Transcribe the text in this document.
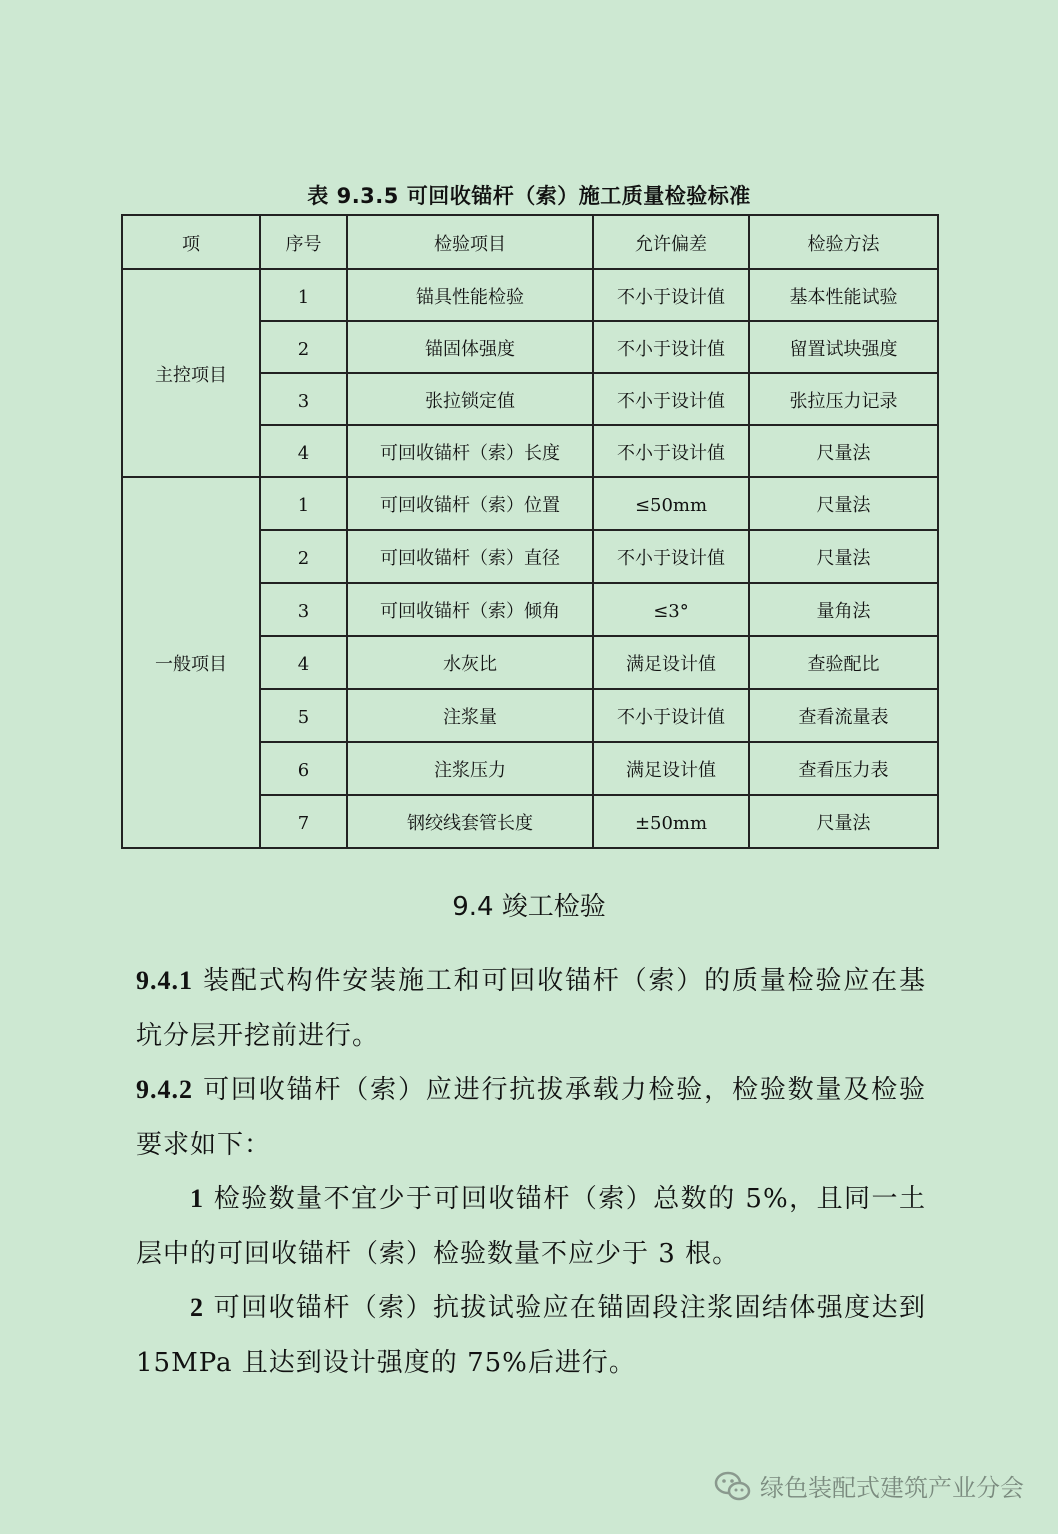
表 9.3.5 可回收锚杆（索）施工质量检验标准
项	序号	检验项目	允许偏差	检验方法
主控项目	1	锚具性能检验	不小于设计值	基本性能试验
	2	锚固体强度	不小于设计值	留置试块强度
	3	张拉锁定值	不小于设计值	张拉压力记录
	4	可回收锚杆（索）长度	不小于设计值	尺量法
一般项目	1	可回收锚杆（索）位置	≤50mm	尺量法
	2	可回收锚杆（索）直径	不小于设计值	尺量法
	3	可回收锚杆（索）倾角	≤3°	量角法
	4	水灰比	满足设计值	查验配比
	5	注浆量	不小于设计值	查看流量表
	6	注浆压力	满足设计值	查看压力表
	7	钢绞线套管长度	±50mm	尺量法
9.4 竣工检验
9.4.1 装配式构件安装施工和可回收锚杆（索）的质量检验应在基坑分层开挖前进行。
9.4.2 可回收锚杆（索）应进行抗拔承载力检验，检验数量及检验要求如下：
1 检验数量不宜少于可回收锚杆（索）总数的 5%，且同一土层中的可回收锚杆（索）检验数量不应少于 3 根。
2 可回收锚杆（索）抗拔试验应在锚固段注浆固结体强度达到 15MPa 且达到设计强度的 75%后进行。
绿色装配式建筑产业分会
